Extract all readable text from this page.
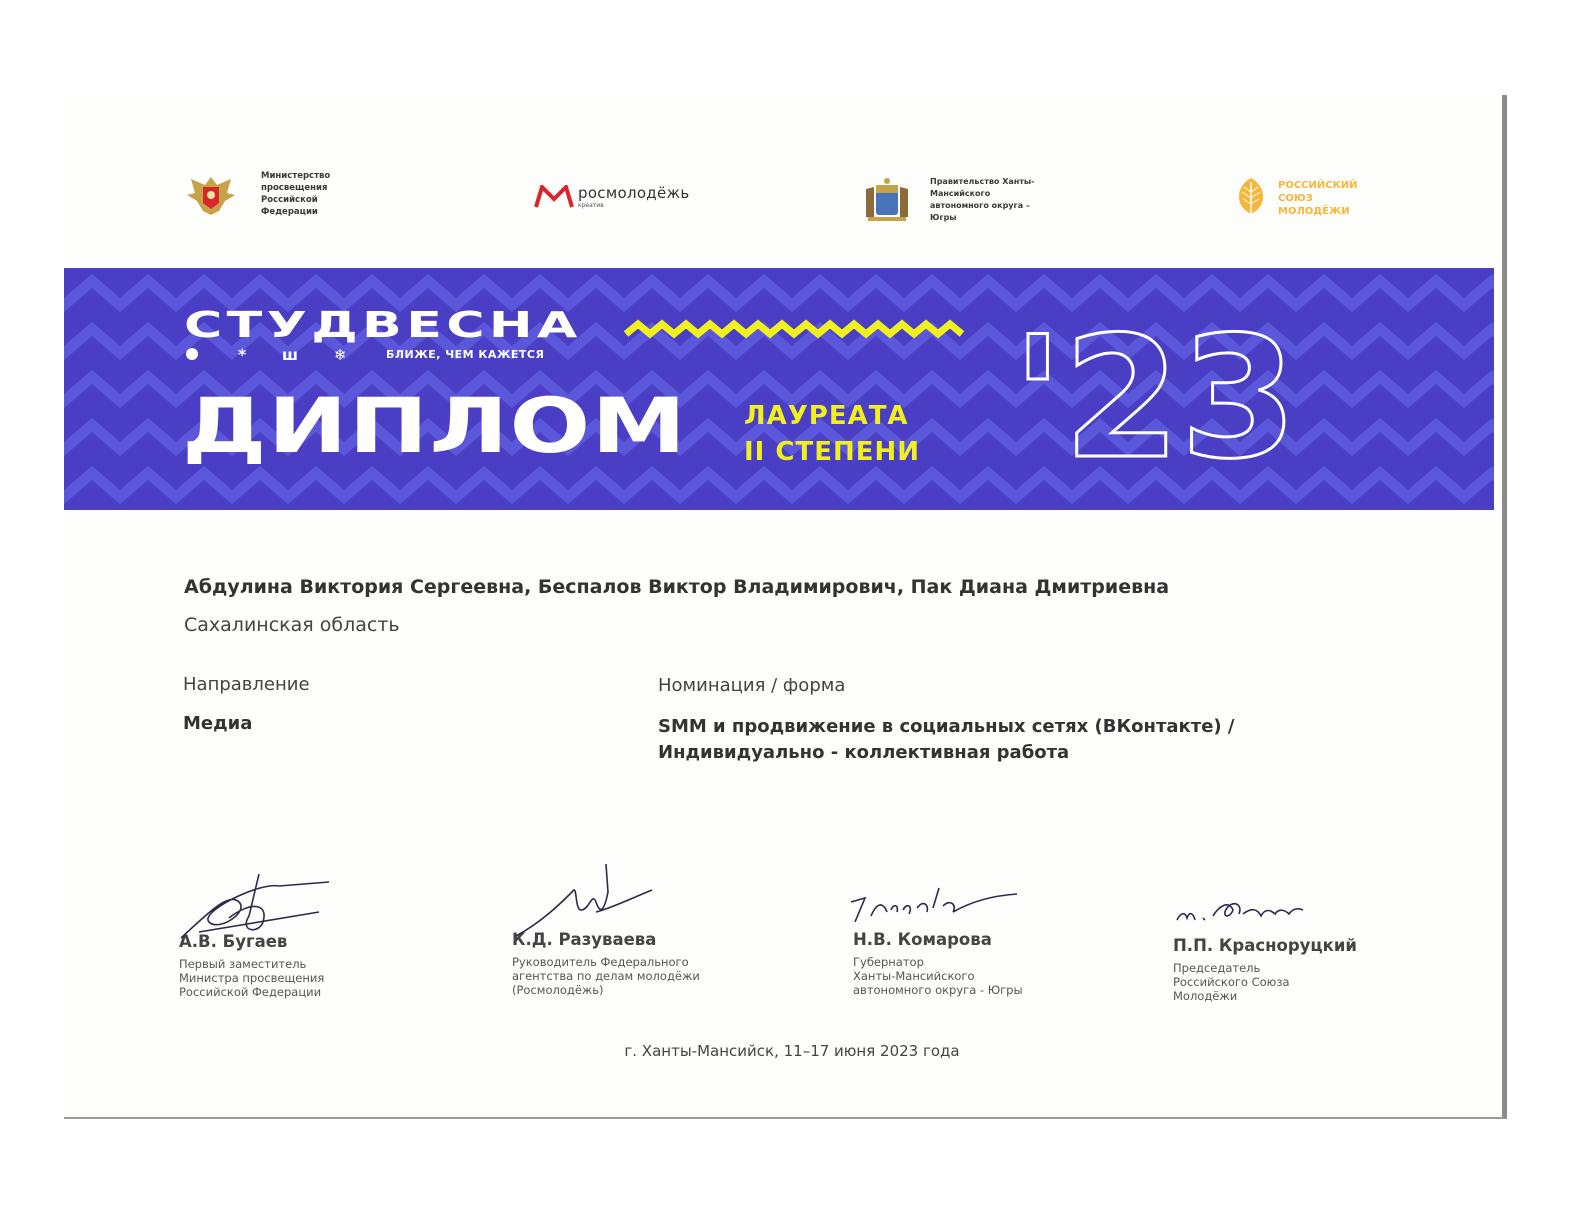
Министерство просвещения Российской Федерации
росмолодёжь
креатив
Правительство Ханты-Мансийского автономного округа – Югры
РОССИЙСКИЙ СОЮЗ МОЛОДЁЖИ
* ш ❄
СТУДВЕСНА
БЛИЖЕ, ЧЕМ КАЖЕТСЯ
ДИПЛОМ ЛАУРЕАТА
II СТЕПЕНИ '23
Абдулина Виктория Сергеевна, Беспалов Виктор Владимирович, Пак Диана Дмитриевна
Сахалинская область
Направление
Медиа
Номинация / форма
SMM и продвижение в социальных сетях (ВКонтакте) /
Индивидуально - коллективная работа
А.В. Бугаев
Первый заместитель
Министра просвещения
Российской Федерации
К.Д. Разуваева
Руководитель Федерального
агентства по делам молодёжи
(Росмолодёжь)
Н.В. Комарова
Губернатор
Ханты-Мансийского
автономного округа - Югры
П.П. Красноруцкий
Председатель
Российского Союза
Молодёжи
г. Ханты-Мансийск, 11–17 июня 2023 года
